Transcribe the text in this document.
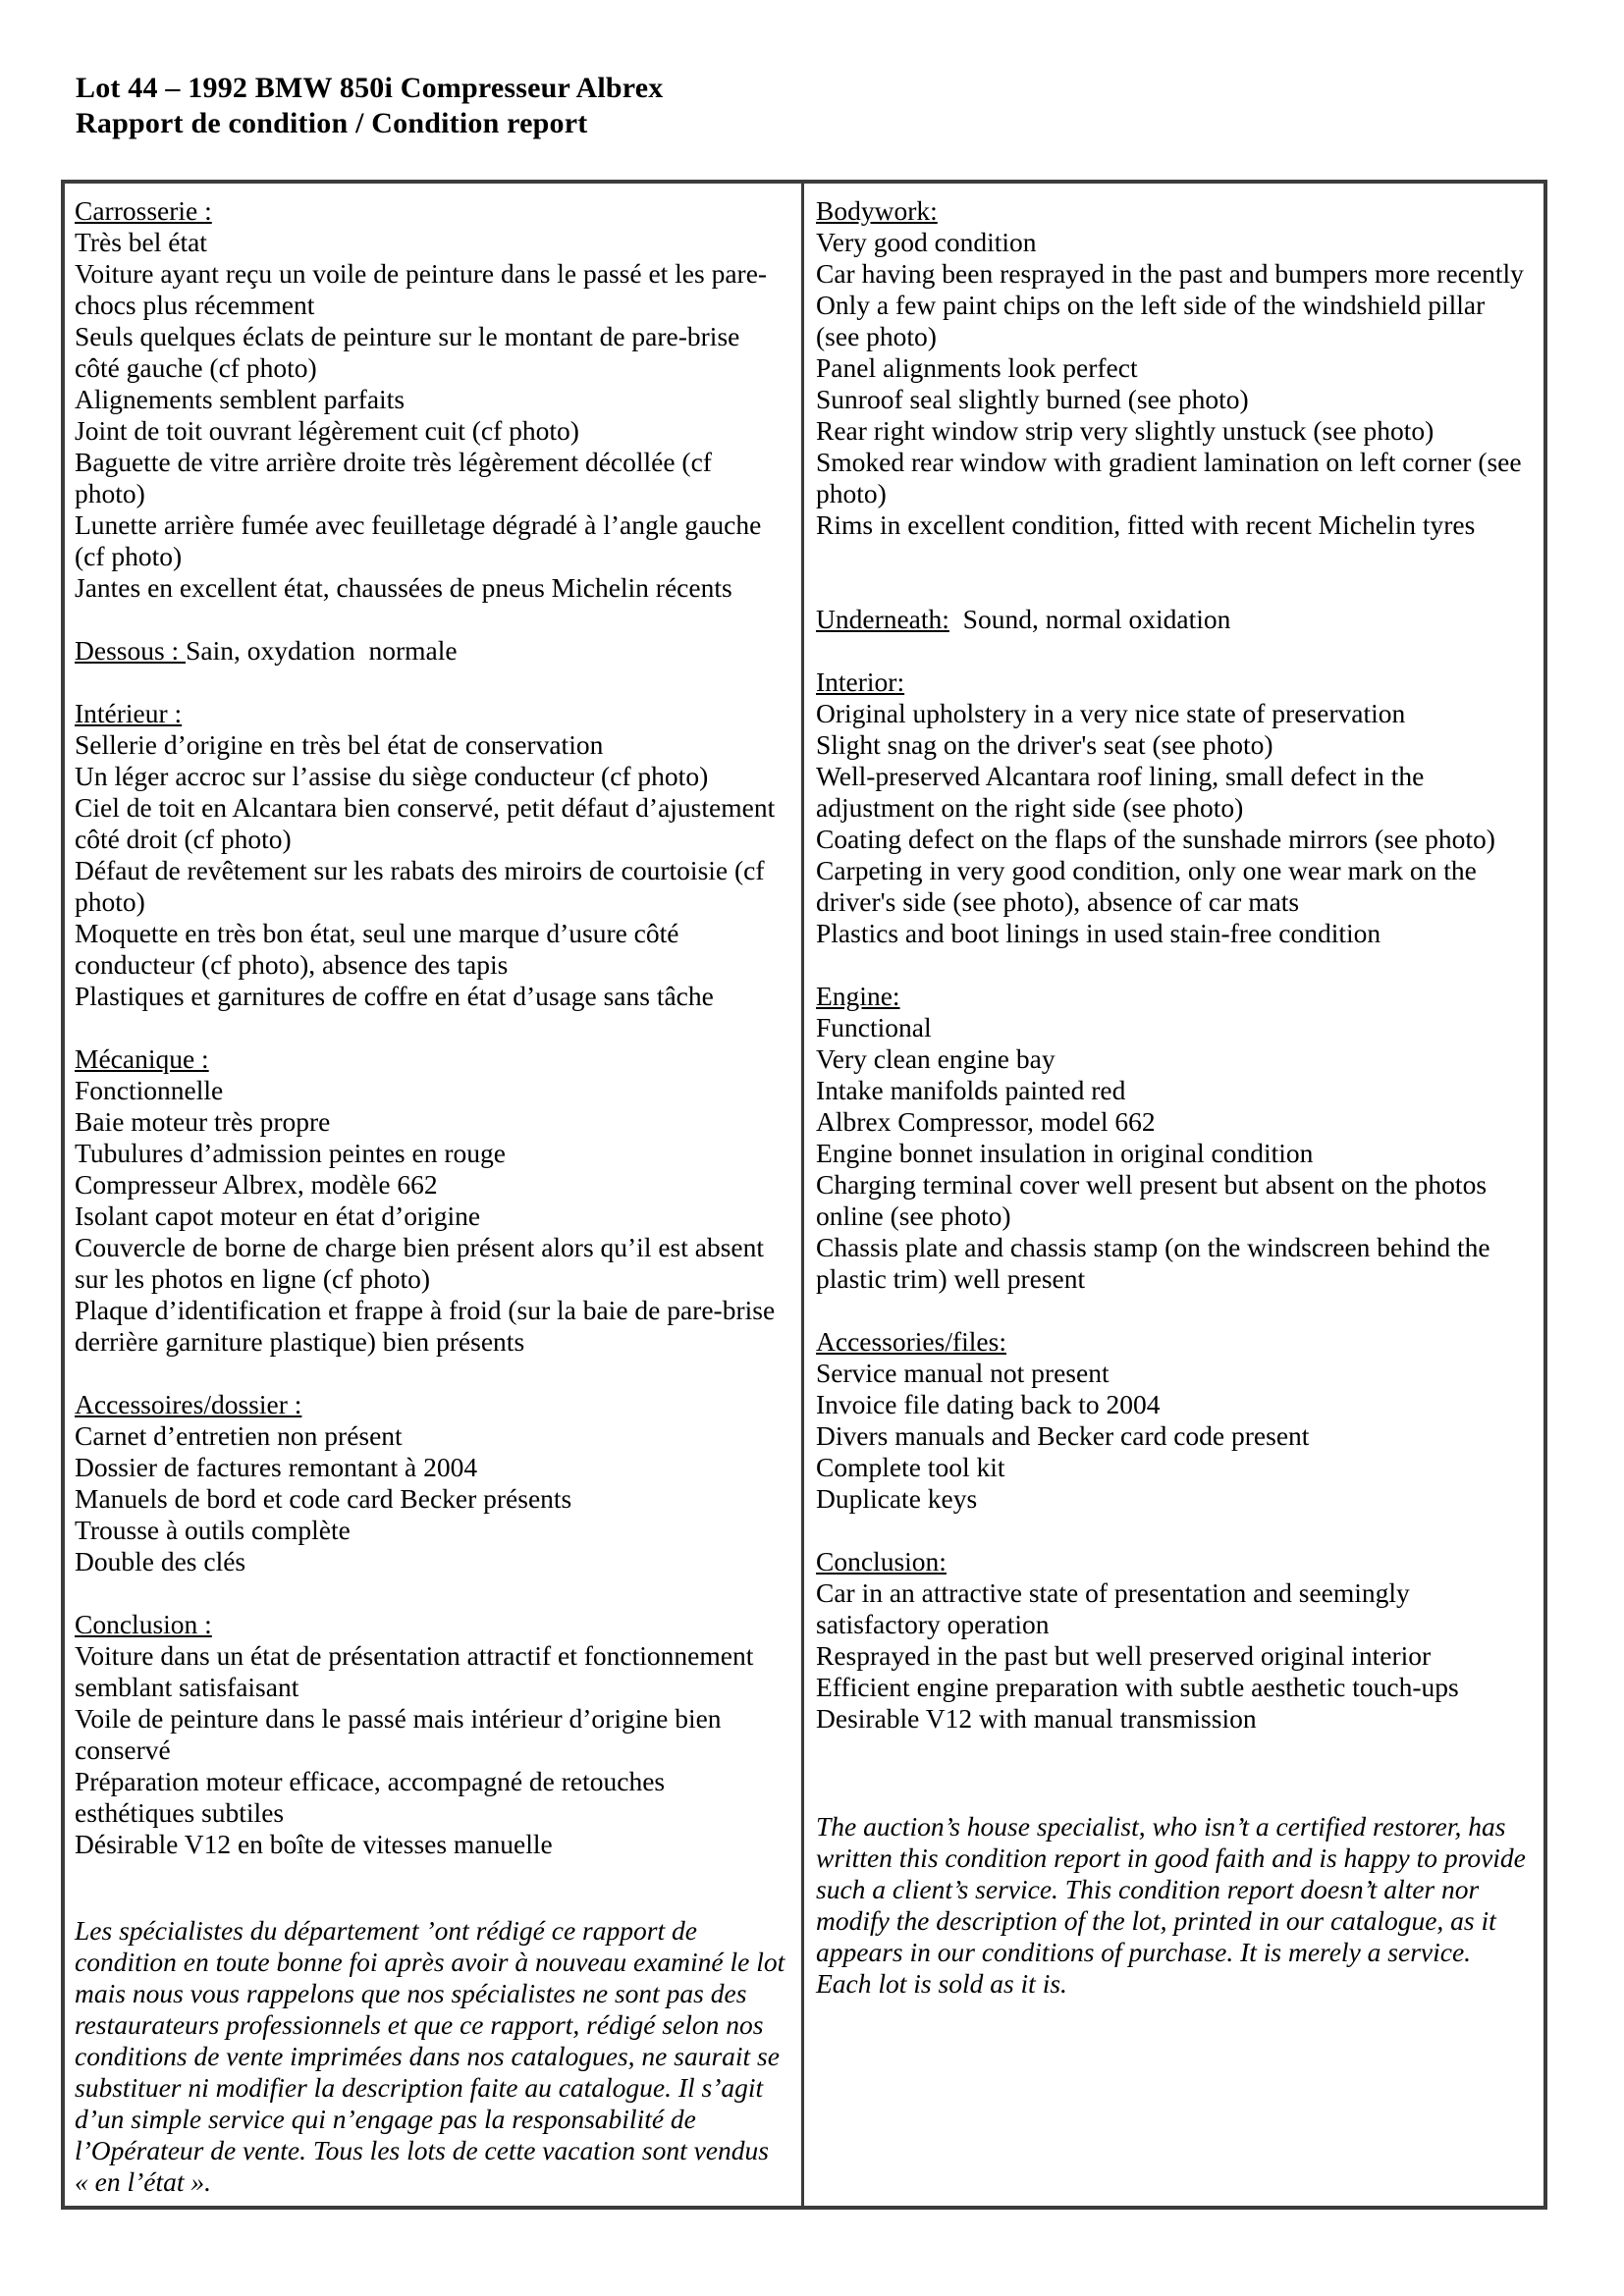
Lot 44 – 1992 BMW 850i Compresseur Albrex
Rapport de condition / Condition report
Carrosserie :
Très bel état
Voiture ayant reçu un voile de peinture dans le passé et les pare-chocs plus récemment
Seuls quelques éclats de peinture sur le montant de pare-brise côté gauche (cf photo)
Alignements semblent parfaits
Joint de toit ouvrant légèrement cuit (cf photo)
Baguette de vitre arrière droite très légèrement décollée (cf photo)
Lunette arrière fumée avec feuilletage dégradé à l’angle gauche (cf photo)
Jantes en excellent état, chaussées de pneus Michelin récents
Dessous : Sain, oxydation  normale
Intérieur :
Sellerie d’origine en très bel état de conservation
Un léger accroc sur l’assise du siège conducteur (cf photo)
Ciel de toit en Alcantara bien conservé, petit défaut d’ajustement côté droit (cf photo)
Défaut de revêtement sur les rabats des miroirs de courtoisie (cf photo)
Moquette en très bon état, seul une marque d’usure côté conducteur (cf photo), absence des tapis
Plastiques et garnitures de coffre en état d’usage sans tâche
Mécanique :
Fonctionnelle
Baie moteur très propre
Tubulures d’admission peintes en rouge
Compresseur Albrex, modèle 662
Isolant capot moteur en état d’origine
Couvercle de borne de charge bien présent alors qu’il est absent sur les photos en ligne (cf photo)
Plaque d’identification et frappe à froid (sur la baie de pare-brise derrière garniture plastique) bien présents
Accessoires/dossier :
Carnet d’entretien non présent
Dossier de factures remontant à 2004
Manuels de bord et code card Becker présents
Trousse à outils complète
Double des clés
Conclusion :
Voiture dans un état de présentation attractif et fonctionnement semblant satisfaisant
Voile de peinture dans le passé mais intérieur d’origine bien conservé
Préparation moteur efficace, accompagné de retouches esthétiques subtiles
Désirable V12 en boîte de vitesses manuelle

Les spécialistes du département ’ont rédigé ce rapport de condition en toute bonne foi après avoir à nouveau examiné le lot mais nous vous rappelons que nos spécialistes ne sont pas des restaurateurs professionnels et que ce rapport, rédigé selon nos conditions de vente imprimées dans nos catalogues, ne saurait se substituer ni modifier la description faite au catalogue. Il s’agit d’un simple service qui n’engage pas la responsabilité de l’Opérateur de vente. Tous les lots de cette vacation sont vendus « en l’état ».

Bodywork:
Very good condition
Car having been resprayed in the past and bumpers more recently
Only a few paint chips on the left side of the windshield pillar (see photo)
Panel alignments look perfect
Sunroof seal slightly burned (see photo)
Rear right window strip very slightly unstuck (see photo)
Smoked rear window with gradient lamination on left corner (see photo)
Rims in excellent condition, fitted with recent Michelin tyres
Underneath:  Sound, normal oxidation
Interior:
Original upholstery in a very nice state of preservation
Slight snag on the driver's seat (see photo)
Well-preserved Alcantara roof lining, small defect in the adjustment on the right side (see photo)
Coating defect on the flaps of the sunshade mirrors (see photo)
Carpeting in very good condition, only one wear mark on the driver's side (see photo), absence of car mats
Plastics and boot linings in used stain-free condition
Engine:
Functional
Very clean engine bay
Intake manifolds painted red
Albrex Compressor, model 662
Engine bonnet insulation in original condition
Charging terminal cover well present but absent on the photos online (see photo)
Chassis plate and chassis stamp (on the windscreen behind the plastic trim) well present
Accessories/files:
Service manual not present
Invoice file dating back to 2004
Divers manuals and Becker card code present
Complete tool kit
Duplicate keys
Conclusion:
Car in an attractive state of presentation and seemingly satisfactory operation
Resprayed in the past but well preserved original interior
Efficient engine preparation with subtle aesthetic touch-ups
Desirable V12 with manual transmission

The auction’s house specialist, who isn’t a certified restorer, has written this condition report in good faith and is happy to provide such a client’s service. This condition report doesn’t alter nor modify the description of the lot, printed in our catalogue, as it appears in our conditions of purchase. It is merely a service. Each lot is sold as it is.
